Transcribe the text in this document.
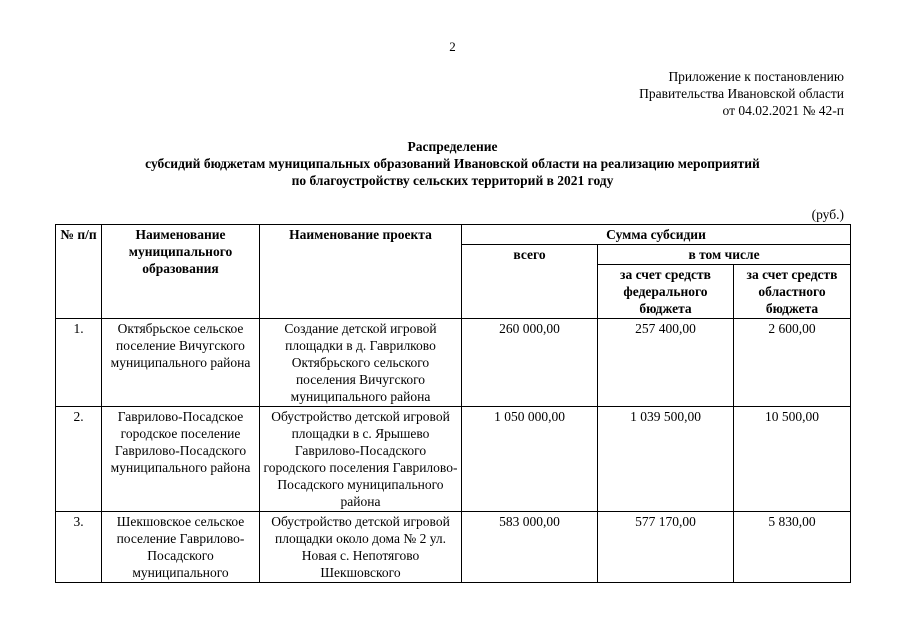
2
Приложение к постановлению
Правительства Ивановской области
от 04.02.2021 № 42-п
Распределение
субсидий бюджетам муниципальных образований Ивановской области на реализацию мероприятий
по благоустройству сельских территорий в 2021 году
(руб.)
№ п/п	Наименование муниципального образования	Наименование проекта	Сумма субсидии		
			всего	в том числе	
				за счет средств федерального бюджета	за счет средств областного бюджета
1.	Октябрьское сельское поселение Вичугского муниципального района	Создание детской игровой площадки в д. Гаврилково Октябрьского сельского поселения Вичугского муниципального района	260 000,00	257 400,00	2 600,00
2.	Гаврилово-Посадское городское поселение Гаврилово-Посадского муниципального района	Обустройство детской игровой площадки в с. Ярышево Гаврилово-Посадского городского поселения Гаврилово-Посадского муниципального района	1 050 000,00	1 039 500,00	10 500,00
3.	Шекшовское сельское поселение Гаврилово-Посадского муниципального	Обустройство детской игровой площадки около дома № 2 ул. Новая с. Непотягово Шекшовского	583 000,00	577 170,00	5 830,00
